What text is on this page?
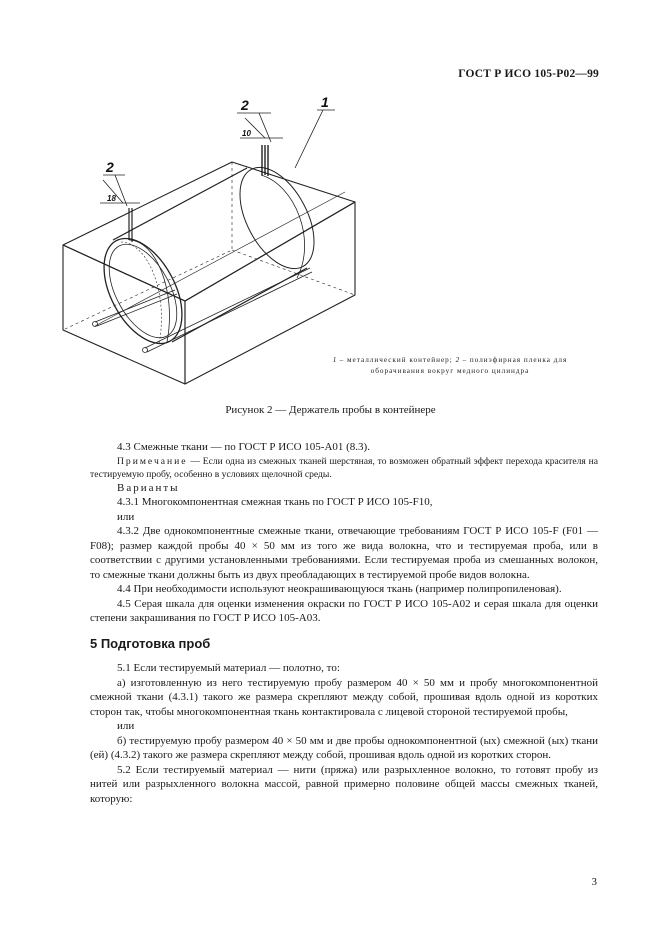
ГОСТ Р ИСО 105-Р02—99
2	1
10
2
18
1 – металлический контейнер; 2 – полиэфирная пленка для
оборачивания вокруг медного цилиндра
Рисунок 2 — Держатель пробы в контейнере

4.3 Смежные ткани — по ГОСТ Р ИСО 105-А01 (8.3).

Примечание — Если одна из смежных тканей шерстяная, то возможен обратный эффект перехода красителя на тестируемую пробу, особенно в условиях щелочной среды.

Варианты

4.3.1 Многокомпонентная смежная ткань по ГОСТ Р ИСО 105-F10,

или

4.3.2 Две однокомпонентные смежные ткани, отвечающие требованиям ГОСТ Р ИСО 105-F (F01 — F08); размер каждой пробы 40 × 50 мм из того же вида волокна, что и тестируемая проба, или в соответствии с другими установленными требованиями. Если тестируемая проба из смешанных волокон, то смежные ткани должны быть из двух преобладающих в тестируемой пробе видов волокна.

4.4 При необходимости используют неокрашивающуюся ткань (например полипропиленовая).

4.5 Серая шкала для оценки изменения окраски по ГОСТ Р ИСО 105-А02 и серая шкала для оценки степени закрашивания по ГОСТ Р ИСО 105-А03.

5 Подготовка проб

5.1 Если тестируемый материал — полотно, то:

а) изготовленную из него тестируемую пробу размером 40 × 50 мм и пробу многокомпонентной смежной ткани (4.3.1) такого же размера скрепляют между собой, прошивая вдоль одной из коротких сторон так, чтобы многокомпонентная ткань контактировала с лицевой стороной тестируемой пробы,

или

б) тестируемую пробу размером 40 × 50 мм и две пробы однокомпонентной (ых) смежной (ых) ткани (ей) (4.3.2) такого же размера скрепляют между собой, прошивая вдоль одной из коротких сторон.

5.2 Если тестируемый материал — нити (пряжа) или разрыхленное волокно, то готовят пробу из нитей или разрыхленного волокна массой, равной примерно половине общей массы смежных тканей, которую:

3
